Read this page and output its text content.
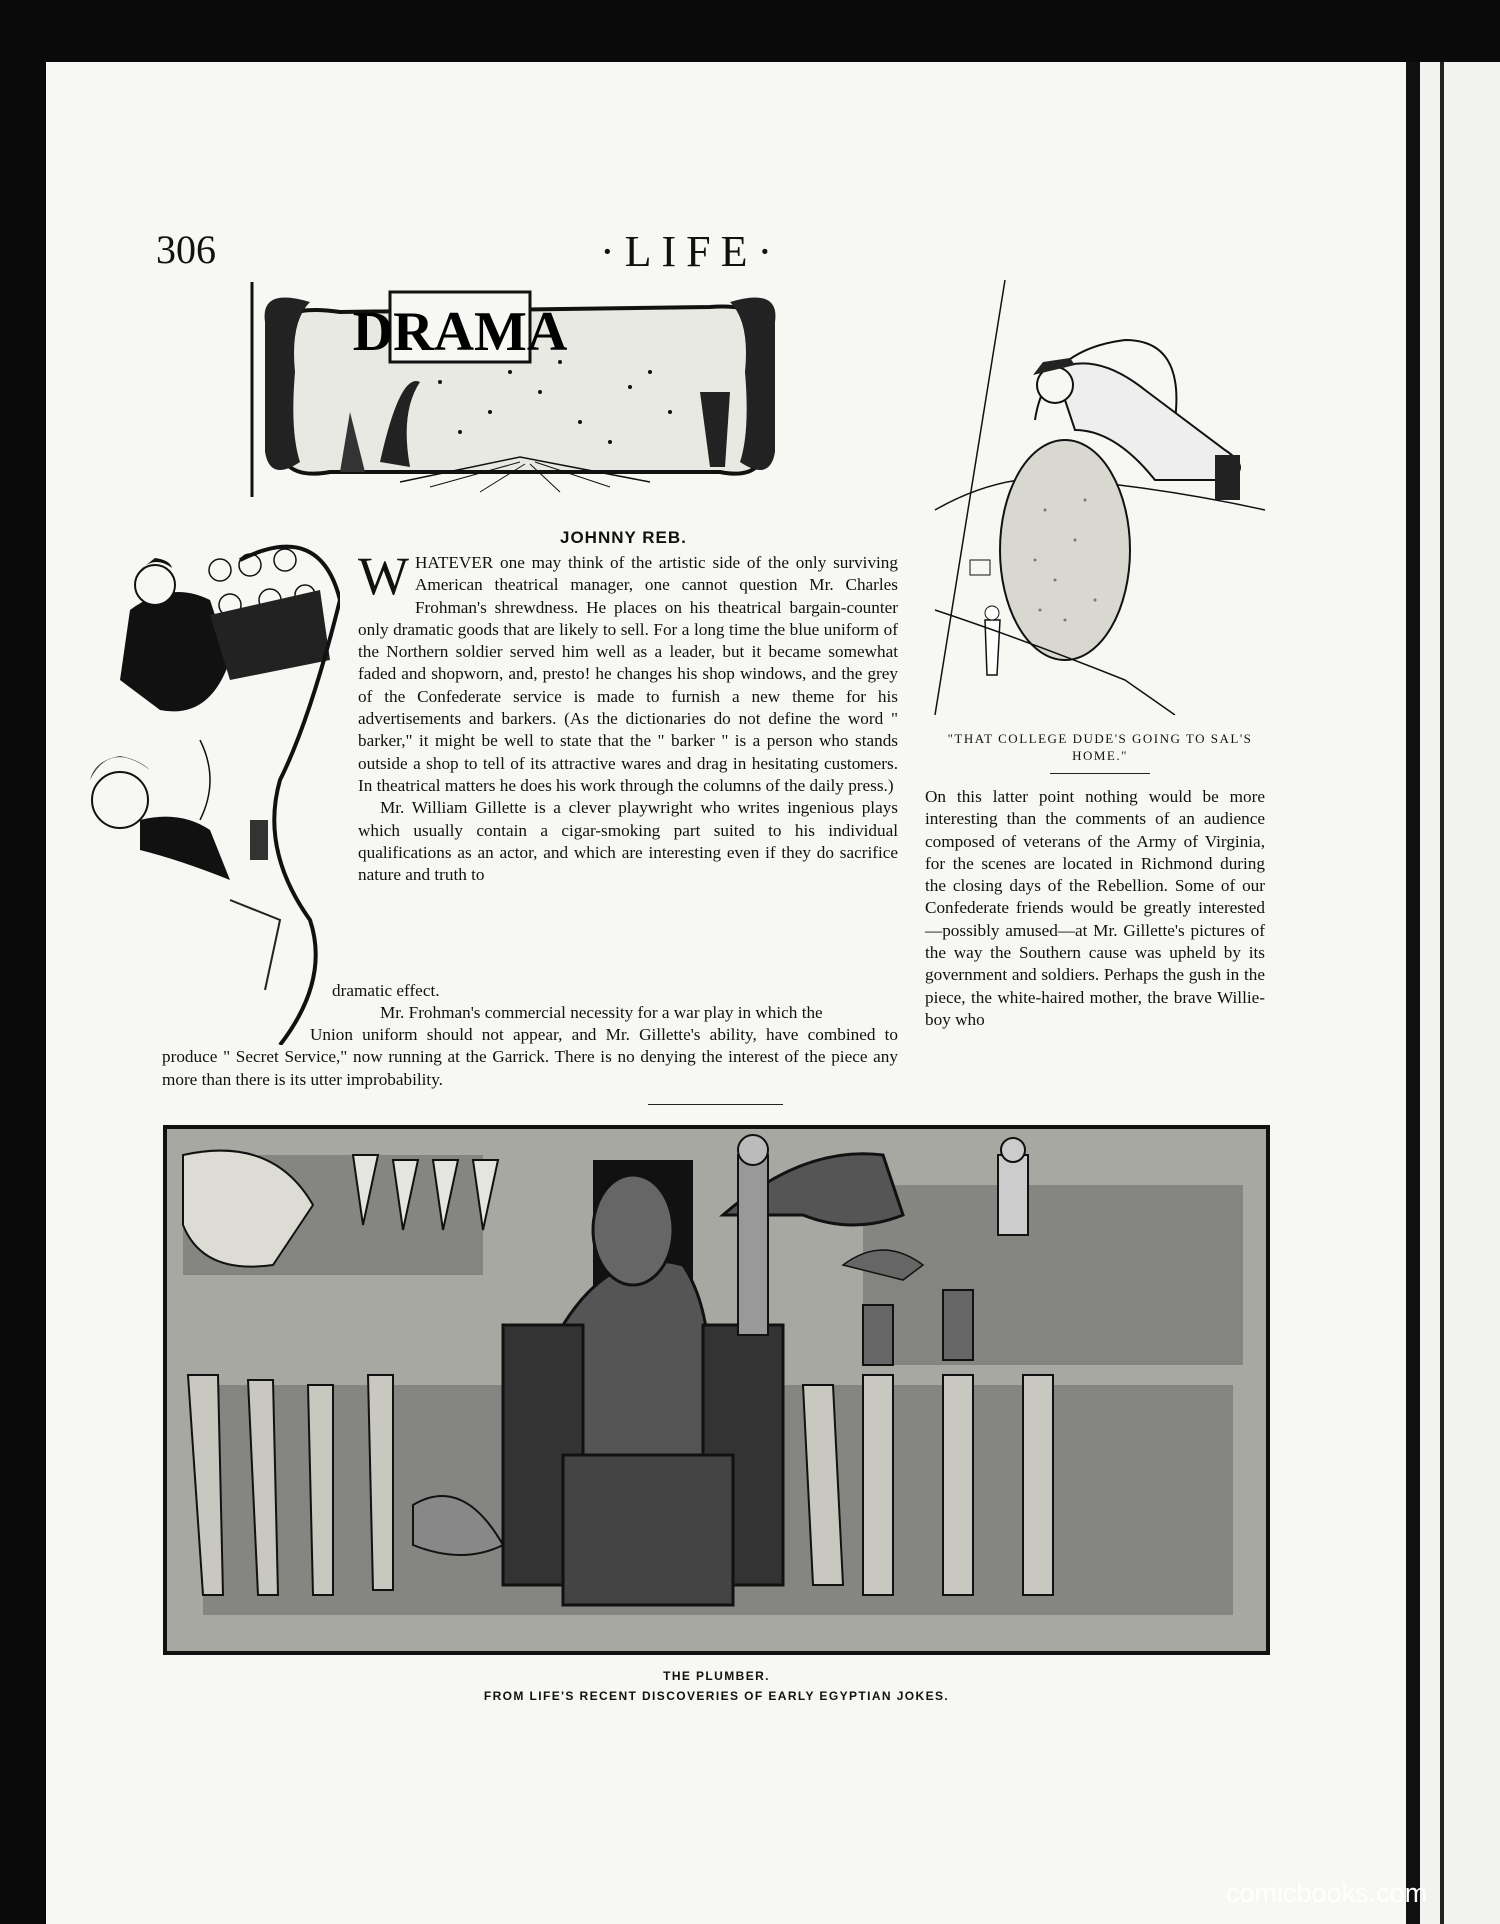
306	·LIFE·
DRAMA
JOHNNY REB.

WHATEVER one may think of the artistic side of the only surviving American theatrical manager, one cannot question Mr. Charles Frohman's shrewdness. He places on his theatrical bargain-counter only dramatic goods that are likely to sell. For a long time the blue uniform of the Northern soldier served him well as a leader, but it became somewhat faded and shopworn, and, presto! he changes his shop windows, and the grey of the Confederate service is made to furnish a new theme for his advertisements and barkers. (As the dictionaries do not define the word " barker," it might be well to state that the " barker " is a person who stands outside a shop to tell of its attractive wares and drag in hesitating customers. In theatrical matters he does his work through the columns of the daily press.)

Mr. William Gillette is a clever playwright who writes ingenious plays which usually contain a cigar-smoking part suited to his individual qualifications as an actor, and which are interesting even if they do sacrifice nature and truth to

dramatic effect.
Mr. Frohman's commercial necessity for a war play in which the
Union uniform should not appear, and Mr. Gillette's ability, have combined to produce " Secret Service," now running at the Garrick. There is no denying the interest of the piece any more than there is its utter improbability.
"THAT COLLEGE DUDE'S GOING TO SAL'S HOME."
On this latter point nothing would be more interesting than the comments of an audience composed of veterans of the Army of Virginia, for the scenes are located in Richmond during the closing days of the Rebellion. Some of our Confederate friends would be greatly interested—possibly amused—at Mr. Gillette's pictures of the way the Southern cause was upheld by its government and soldiers. Perhaps the gush in the piece, the white-haired mother, the brave Willie-boy who
THE PLUMBER.
FROM LIFE'S RECENT DISCOVERIES OF EARLY EGYPTIAN JOKES.
comicbooks.com
